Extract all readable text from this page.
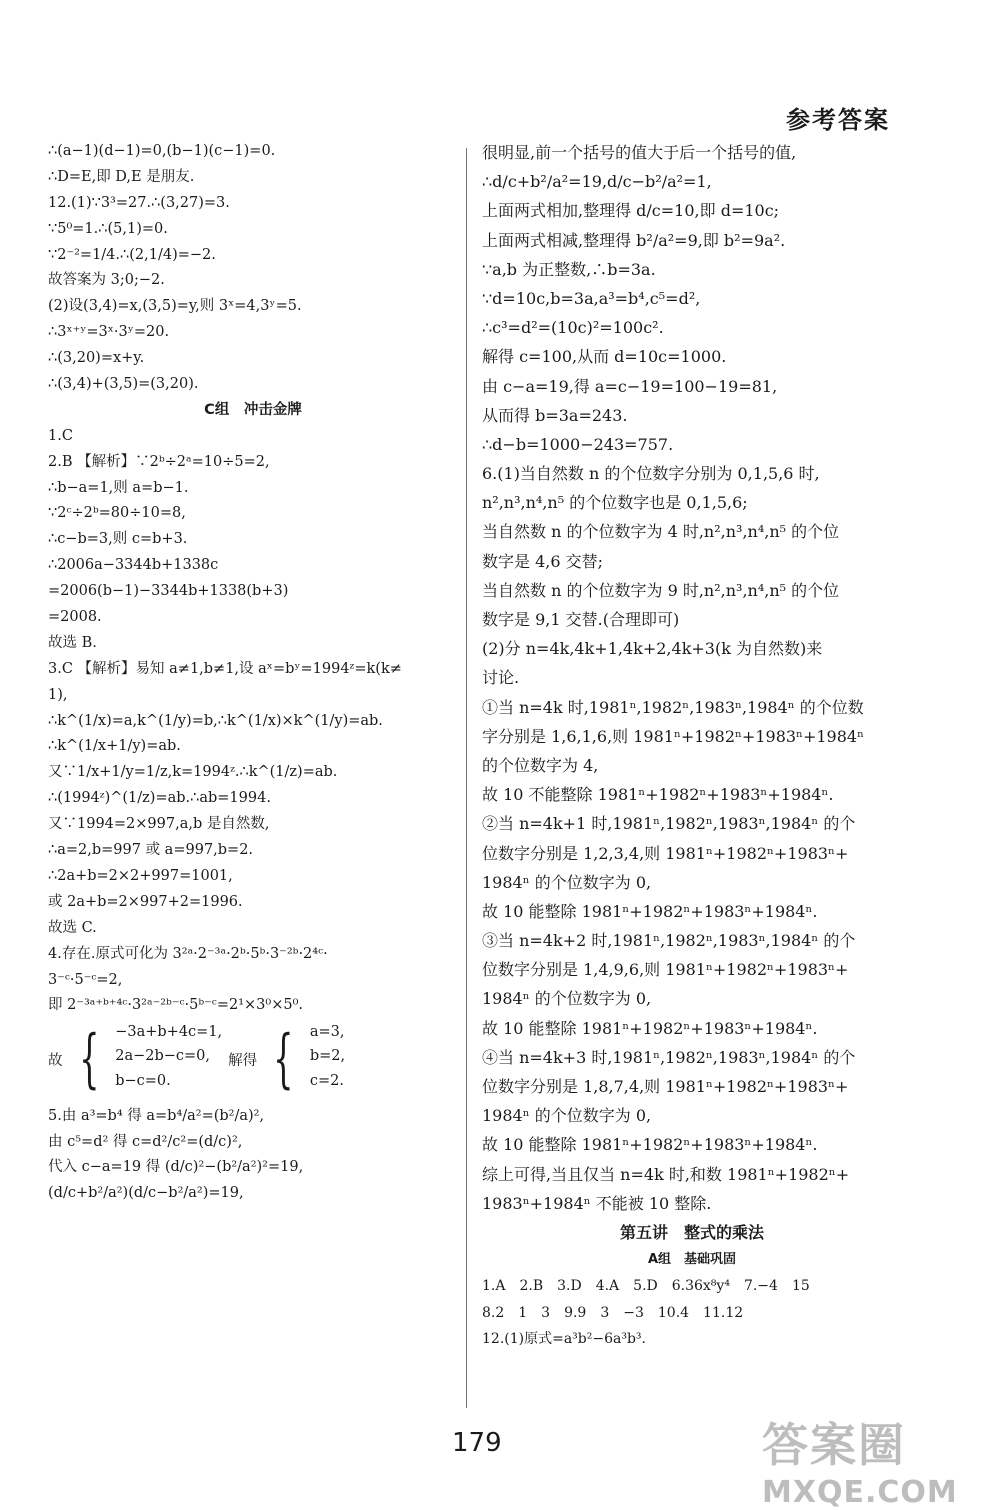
参考答案
∴(a−1)(d−1)=0,(b−1)(c−1)=0.
∴D=E,即 D,E 是朋友.
12.(1)∵3³=27.∴(3,27)=3.
∵5⁰=1.∴(5,1)=0.
∵2⁻²=1/4.∴(2,1/4)=−2.
故答案为 3;0;−2.
(2)设(3,4)=x,(3,5)=y,则 3ˣ=4,3ʸ=5.
∴3ˣ⁺ʸ=3ˣ·3ʸ=20.
∴(3,20)=x+y.
∴(3,4)+(3,5)=(3,20).
C组　冲击金牌
1.C
2.B 【解析】∵2ᵇ÷2ᵃ=10÷5=2,
∴b−a=1,则 a=b−1.
∵2ᶜ÷2ᵇ=80÷10=8,
∴c−b=3,则 c=b+3.
∴2006a−3344b+1338c
=2006(b−1)−3344b+1338(b+3)
=2008.
故选 B.
3.C 【解析】易知 a≠1,b≠1,设 aˣ=bʸ=1994ᶻ=k(k≠
1),
∴k^(1/x)=a,k^(1/y)=b,∴k^(1/x)×k^(1/y)=ab.
∴k^(1/x+1/y)=ab.
又∵1/x+1/y=1/z,k=1994ᶻ.∴k^(1/z)=ab.
∴(1994ᶻ)^(1/z)=ab.∴ab=1994.
又∵1994=2×997,a,b 是自然数,
∴a=2,b=997 或 a=997,b=2.
∴2a+b=2×2+997=1001,
或 2a+b=2×997+2=1996.
故选 C.
4.存在.原式可化为 3²ᵃ·2⁻³ᵃ·2ᵇ·5ᵇ·3⁻²ᵇ·2⁴ᶜ·
3⁻ᶜ·5⁻ᶜ=2,
即 2⁻³ᵃ⁺ᵇ⁺⁴ᶜ·3²ᵃ⁻²ᵇ⁻ᶜ·5ᵇ⁻ᶜ=2¹×3⁰×5⁰.
故 { −3a+b+4c=1,
2a−2b−c=0,
b−c=0.
解得 { a=3,
b=2,
c=2.
5.由 a³=b⁴ 得 a=b⁴/a²=(b²/a)²,
由 c⁵=d² 得 c=d²/c²=(d/c)²,
代入 c−a=19 得 (d/c)²−(b²/a²)²=19,
(d/c+b²/a²)(d/c−b²/a²)=19,
很明显,前一个括号的值大于后一个括号的值,
∴d/c+b²/a²=19,d/c−b²/a²=1,
上面两式相加,整理得 d/c=10,即 d=10c;
上面两式相减,整理得 b²/a²=9,即 b²=9a².
∵a,b 为正整数,∴b=3a.
∵d=10c,b=3a,a³=b⁴,c⁵=d²,
∴c³=d²=(10c)²=100c².
解得 c=100,从而 d=10c=1000.
由 c−a=19,得 a=c−19=100−19=81,
从而得 b=3a=243.
∴d−b=1000−243=757.
6.(1)当自然数 n 的个位数字分别为 0,1,5,6 时,
n²,n³,n⁴,n⁵ 的个位数字也是 0,1,5,6;
当自然数 n 的个位数字为 4 时,n²,n³,n⁴,n⁵ 的个位
数字是 4,6 交替;
当自然数 n 的个位数字为 9 时,n²,n³,n⁴,n⁵ 的个位
数字是 9,1 交替.(合理即可)
(2)分 n=4k,4k+1,4k+2,4k+3(k 为自然数)来
讨论.
①当 n=4k 时,1981ⁿ,1982ⁿ,1983ⁿ,1984ⁿ 的个位数
字分别是 1,6,1,6,则 1981ⁿ+1982ⁿ+1983ⁿ+1984ⁿ
的个位数字为 4,
故 10 不能整除 1981ⁿ+1982ⁿ+1983ⁿ+1984ⁿ.
②当 n=4k+1 时,1981ⁿ,1982ⁿ,1983ⁿ,1984ⁿ 的个
位数字分别是 1,2,3,4,则 1981ⁿ+1982ⁿ+1983ⁿ+
1984ⁿ 的个位数字为 0,
故 10 能整除 1981ⁿ+1982ⁿ+1983ⁿ+1984ⁿ.
③当 n=4k+2 时,1981ⁿ,1982ⁿ,1983ⁿ,1984ⁿ 的个
位数字分别是 1,4,9,6,则 1981ⁿ+1982ⁿ+1983ⁿ+
1984ⁿ 的个位数字为 0,
故 10 能整除 1981ⁿ+1982ⁿ+1983ⁿ+1984ⁿ.
④当 n=4k+3 时,1981ⁿ,1982ⁿ,1983ⁿ,1984ⁿ 的个
位数字分别是 1,8,7,4,则 1981ⁿ+1982ⁿ+1983ⁿ+
1984ⁿ 的个位数字为 0,
故 10 能整除 1981ⁿ+1982ⁿ+1983ⁿ+1984ⁿ.
综上可得,当且仅当 n=4k 时,和数 1981ⁿ+1982ⁿ+
1983ⁿ+1984ⁿ 不能被 10 整除.
第五讲　整式的乘法
A组　基础巩固
1.A　2.B　3.D　4.A　5.D　6.36x⁸y⁴　7.−4　15
8.2　1　3　9.9　3　−3　10.4　11.12
12.(1)原式=a³b²−6a³b³.
179	答案圈
MXQE.COM
